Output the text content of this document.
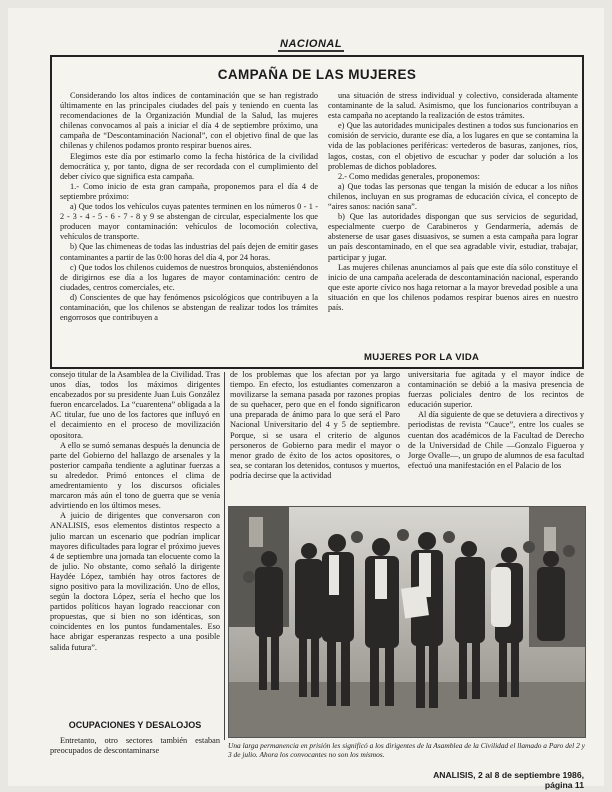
NACIONAL
CAMPAÑA DE LAS MUJERES

Considerando los altos índices de contaminación que se han registrado últimamente en las principales ciudades del país y teniendo en cuenta las recomendaciones de la Organización Mundial de la Salud, las mujeres chilenas convocamos al país a iniciar el día 4 de septiembre próximo, una campaña de “Descontaminación Nacional”, con el objetivo final de que las chilenas y chilenos podamos pronto respirar buenos aires.

Elegimos este día por estimarlo como la fecha histórica de la civilidad democrática y, por tanto, digna de ser recordada con el cumplimiento del deber cívico que significa esta campaña.

1.- Como inicio de esta gran campaña, proponemos para el día 4 de septiembre próximo:

a) Que todos los vehículos cuyas patentes terminen en los números 0 - 1 - 2 - 3 - 4 - 5 - 6 - 7 - 8 y 9 se abstengan de circular, especialmente los que producen mayor contaminación: vehículos de locomoción colectiva, vehículos de transporte.

b) Que las chimeneas de todas las industrias del país dejen de emitir gases contaminantes a partir de las 0:00 horas del día 4, por 24 horas.

c) Que todos los chilenos cuidemos de nuestros bronquios, absteniéndonos de dirigirnos ese día a los lugares de mayor contaminación: centro de ciudades, centros comerciales, etc.

d) Conscientes de que hay fenómenos psicológicos que contribuyen a la contaminación, que los chilenos se abstengan de realizar todos los trámites engorrosos que contribuyen a

una situación de stress individual y colectivo, considerada altamente contaminante de la salud. Asimismo, que los funcionarios contribuyan a esta campaña no aceptando la realización de estos trámites.

e) Que las autoridades municipales destinen a todos sus funcionarios en comisión de servicio, durante ese día, a los lugares en que se contamina la vida de las poblaciones periféricas: vertederos de basuras, zanjones, ríos, lagos, costas, con el objetivo de escuchar y poder dar solución a los problemas de dichos pobladores.

2.- Como medidas generales, proponemos:

a) Que todas las personas que tengan la misión de educar a los niños chilenos, incluyan en sus programas de educación cívica, el concepto de “aires sanos: nación sana”.

b) Que las autoridades dispongan que sus servicios de seguridad, especialmente cuerpo de Carabineros y Gendarmería, además de abstenerse de usar gases disuasivos, se sumen a esta campaña para lograr un país descontaminado, en el que sea agradable vivir, estudiar, trabajar, participar y jugar.

Las mujeres chilenas anunciamos al país que este día sólo constituye el inicio de una campaña acelerada de descontaminación nacional, esperando que este aporte cívico nos haga retornar a la mayor brevedad posible a una situación en que los chilenos podamos respirar buenos aires en nuestro país.

MUJERES POR LA VIDA

consejo titular de la Asamblea de la Civilidad. Tras unos días, todos los máximos dirigentes encabezados por su presidente Juan Luis González fueron encarcelados. La “cuarentena” obligada a la AC titular, fue uno de los factores que influyó en el decaimiento en el proceso de movilización opositora.

A ello se sumó semanas después la denuncia de parte del Gobierno del hallazgo de arsenales y la posterior campaña tendiente a aglutinar fuerzas a su alrededor. Primó entonces el clima de amedrentamiento y los discursos oficiales marcaron más aún el tono de guerra que se venía advirtiendo en los últimos meses.

A juicio de dirigentes que conversaron con ANALISIS, esos elementos distintos respecto a julio marcan un escenario que podrían implicar mayores dificultades para lograr el próximo jueves 4 de septiembre una jornada tan elocuente como la de julio. No obstante, como señaló la dirigente Haydée López, también hay otros factores de signo positivo para la movilización. Uno de ellos, según la doctora López, sería el hecho que los partidos políticos hayan logrado reaccionar con propuestas, que si bien no son idénticas, son coincidentes en los puntos fundamentales. Eso hace abrigar esperanzas respecto a una posible salida futura”.

OCUPACIONES Y DESALOJOS

Entretanto, otro sectores también estaban preocupados de descontaminarse

de los problemas que los afectan por ya largo tiempo. En efecto, los estudiantes comenzaron a movilizarse la semana pasada por razones propias de su quehacer, pero que en el fondo significaron una preparada de ánimo para lo que será el Paro Nacional Universitario del 4 y 5 de septiembre. Porque, si se usara el criterio de algunos personeros de Gobierno para medir el mayor o menor grado de éxito de los actos opositores, o sea, se contaran los detenidos, contusos y muertos, podría decirse que la actividad

universitaria fue agitada y el mayor índice de contaminación se debió a la masiva presencia de fuerzas policiales dentro de los recintos de educación superior.

Al día siguiente de que se detuviera a directivos y periodistas de revista “Cauce”, entre los cuales se cuentan dos académicos de la Facultad de Derecho de la Universidad de Chile —Gonzalo Figueroa y Jorge Ovalle—, un grupo de alumnos de esa facultad efectuó una manifestación en el Palacio de los

Una larga permanencia en prisión les significó a los dirigentes de la Asamblea de la Civilidad el llamado a Paro del 2 y 3 de julio. Ahora los convocantes no son los mismos.
ANALISIS, 2 al 8 de septiembre 1986, página 11
